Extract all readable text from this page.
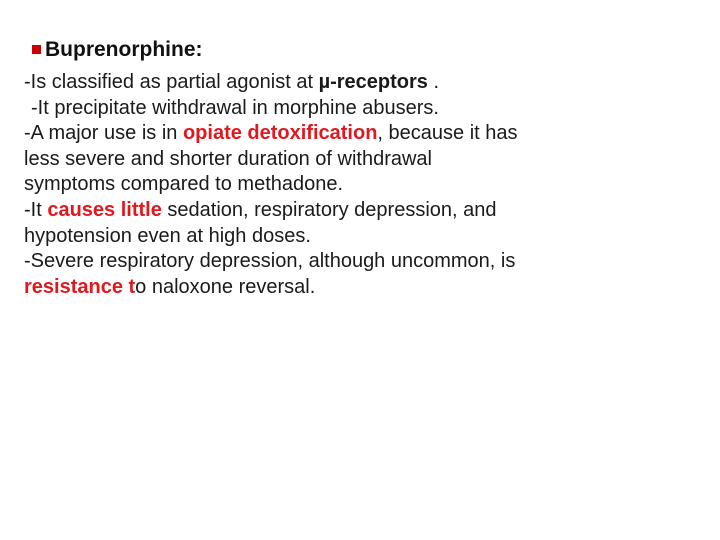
Buprenorphine:
-Is classified as partial agonist at µ-receptors .
-It precipitate withdrawal in morphine abusers.
-A major use is in opiate detoxification, because it has
less severe and shorter duration of withdrawal
symptoms compared to methadone.
-It causes little sedation, respiratory depression, and
hypotension even at high doses.
-Severe respiratory depression, although uncommon, is
resistance to naloxone reversal.
